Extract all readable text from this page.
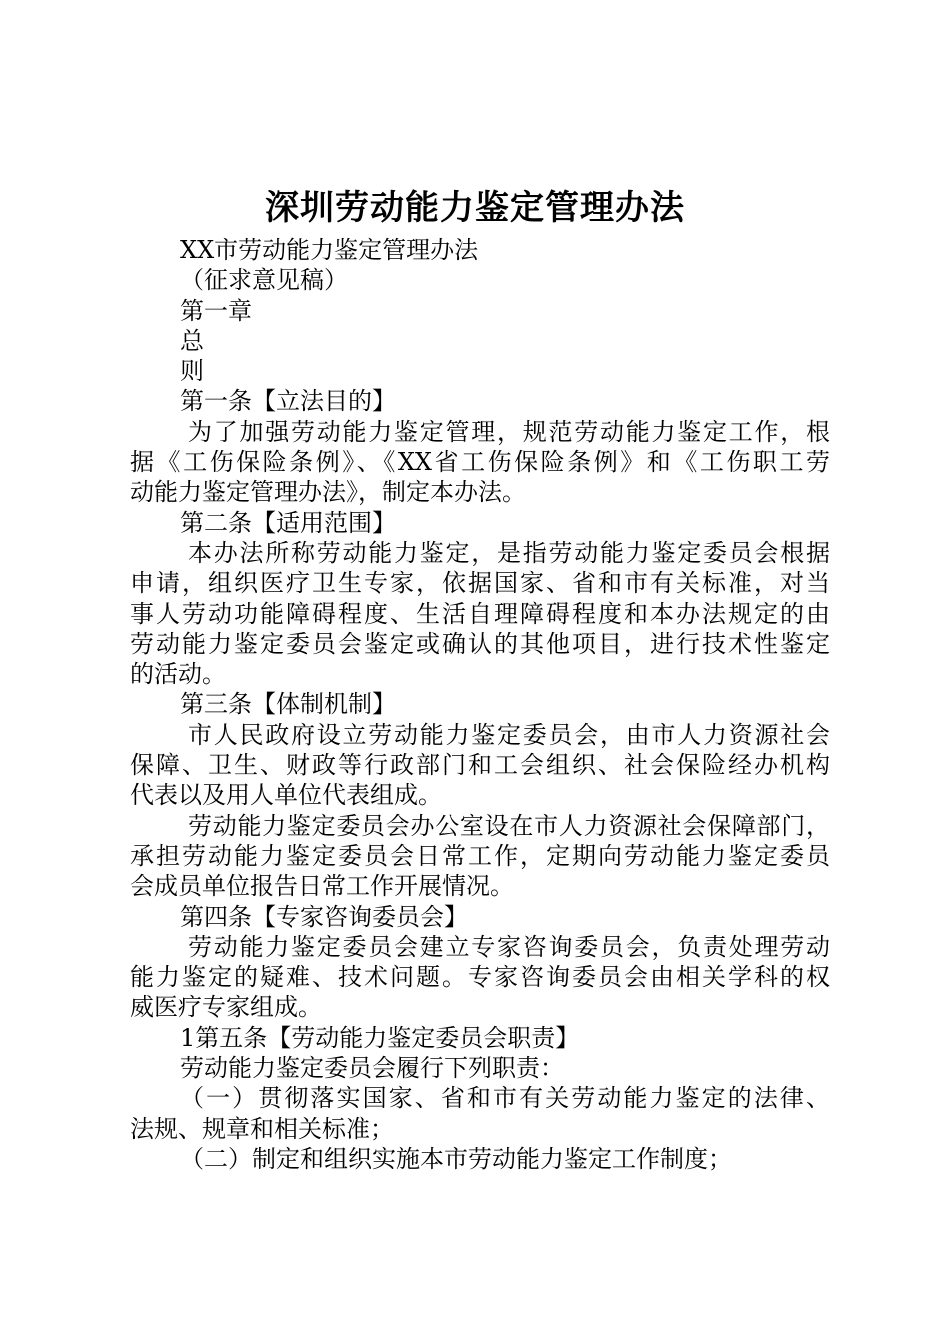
深圳劳动能力鉴定管理办法
XX市劳动能力鉴定管理办法
（征求意见稿）
第一章
总
则
第一条【立法目的】
为了加强劳动能力鉴定管理，规范劳动能力鉴定工作，根
据《工伤保险条例》、《XX省工伤保险条例》和《工伤职工劳
动能力鉴定管理办法》，制定本办法。
第二条【适用范围】
本办法所称劳动能力鉴定，是指劳动能力鉴定委员会根据
申请，组织医疗卫生专家，依据国家、省和市有关标准，对当
事人劳动功能障碍程度、生活自理障碍程度和本办法规定的由
劳动能力鉴定委员会鉴定或确认的其他项目，进行技术性鉴定
的活动。
第三条【体制机制】
市人民政府设立劳动能力鉴定委员会，由市人力资源社会
保障、卫生、财政等行政部门和工会组织、社会保险经办机构
代表以及用人单位代表组成。
劳动能力鉴定委员会办公室设在市人力资源社会保障部门，
承担劳动能力鉴定委员会日常工作，定期向劳动能力鉴定委员
会成员单位报告日常工作开展情况。
第四条【专家咨询委员会】
劳动能力鉴定委员会建立专家咨询委员会，负责处理劳动
能力鉴定的疑难、技术问题。专家咨询委员会由相关学科的权
威医疗专家组成。
1第五条【劳动能力鉴定委员会职责】
劳动能力鉴定委员会履行下列职责：
（一）贯彻落实国家、省和市有关劳动能力鉴定的法律、
法规、规章和相关标准；
（二）制定和组织实施本市劳动能力鉴定工作制度；
